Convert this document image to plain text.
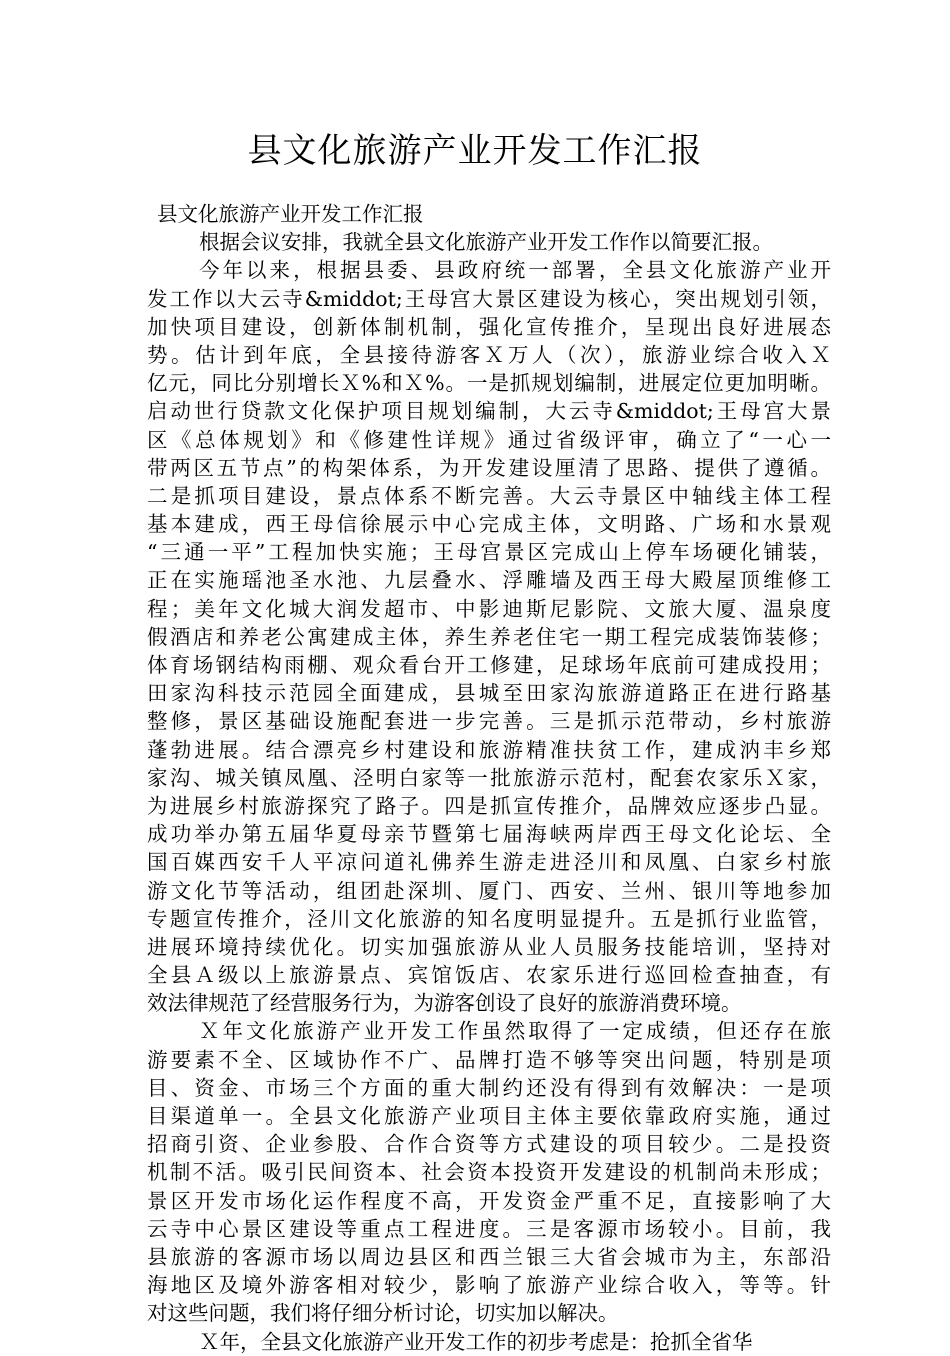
县文化旅游产业开发工作汇报
县文化旅游产业开发工作汇报
根据会议安排，我就全县文化旅游产业开发工作作以简要汇报。
今年以来，根据县委、县政府统一部署，全县文化旅游产业开
发工作以大云寺&middot;王母宫大景区建设为核心，突出规划引领，
加快项目建设，创新体制机制，强化宣传推介，呈现出良好进展态
势。估计到年底，全县接待游客Ｘ万人（次），旅游业综合收入Ｘ
亿元，同比分别增长Ｘ%和Ｘ%。一是抓规划编制，进展定位更加明晰。
启动世行贷款文化保护项目规划编制，大云寺&middot;王母宫大景
区《总体规划》和《修建性详规》通过省级评审，确立了“一心一
带两区五节点”的构架体系，为开发建设厘清了思路、提供了遵循。
二是抓项目建设，景点体系不断完善。大云寺景区中轴线主体工程
基本建成，西王母信徐展示中心完成主体，文明路、广场和水景观
“三通一平”工程加快实施；王母宫景区完成山上停车场硬化铺装，
正在实施瑶池圣水池、九层叠水、浮雕墙及西王母大殿屋顶维修工
程；美年文化城大润发超市、中影迪斯尼影院、文旅大厦、温泉度
假酒店和养老公寓建成主体，养生养老住宅一期工程完成装饰装修；
体育场钢结构雨棚、观众看台开工修建，足球场年底前可建成投用；
田家沟科技示范园全面建成，县城至田家沟旅游道路正在进行路基
整修，景区基础设施配套进一步完善。三是抓示范带动，乡村旅游
蓬勃进展。结合漂亮乡村建设和旅游精准扶贫工作，建成汭丰乡郑
家沟、城关镇凤凰、泾明白家等一批旅游示范村，配套农家乐Ｘ家，
为进展乡村旅游探究了路子。四是抓宣传推介，品牌效应逐步凸显。
成功举办第五届华夏母亲节暨第七届海峡两岸西王母文化论坛、全
国百媒西安千人平凉问道礼佛养生游走进泾川和凤凰、白家乡村旅
游文化节等活动，组团赴深圳、厦门、西安、兰州、银川等地参加
专题宣传推介，泾川文化旅游的知名度明显提升。五是抓行业监管，
进展环境持续优化。切实加强旅游从业人员服务技能培训，坚持对
全县Ａ级以上旅游景点、宾馆饭店、农家乐进行巡回检查抽查，有
效法律规范了经营服务行为，为游客创设了良好的旅游消费环境。
Ｘ年文化旅游产业开发工作虽然取得了一定成绩，但还存在旅
游要素不全、区域协作不广、品牌打造不够等突出问题，特别是项
目、资金、市场三个方面的重大制约还没有得到有效解决：一是项
目渠道单一。全县文化旅游产业项目主体主要依靠政府实施，通过
招商引资、企业参股、合作合资等方式建设的项目较少。二是投资
机制不活。吸引民间资本、社会资本投资开发建设的机制尚未形成；
景区开发市场化运作程度不高，开发资金严重不足，直接影响了大
云寺中心景区建设等重点工程进度。三是客源市场较小。目前，我
县旅游的客源市场以周边县区和西兰银三大省会城市为主，东部沿
海地区及境外游客相对较少，影响了旅游产业综合收入，等等。针
对这些问题，我们将仔细分析讨论，切实加以解决。
Ｘ年，全县文化旅游产业开发工作的初步考虑是：抢抓全省华
